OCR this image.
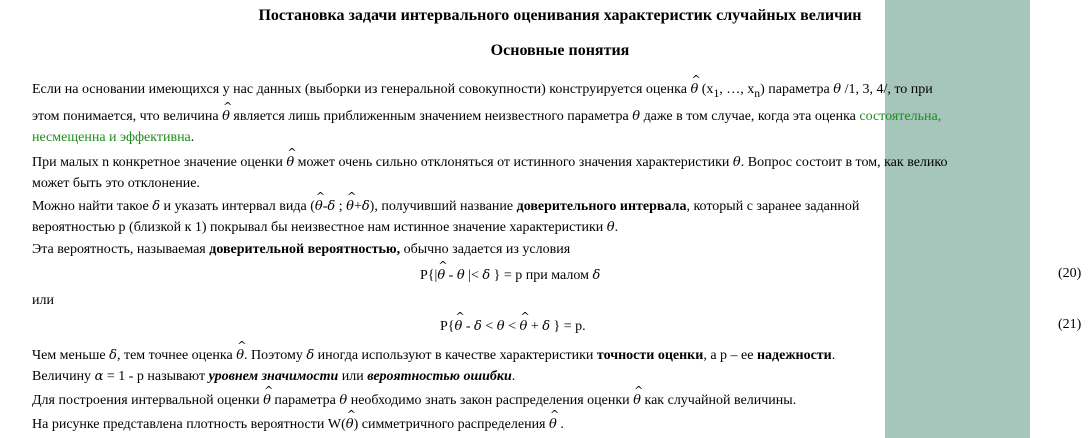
Постановка задачи интервального оценивания характеристик случайных величин
Основные понятия
Если на основании имеющихся у нас данных (выборки из генеральной совокупности) конструируется оценка ^ θ ($x_1$, …, $x_n$) параметра θ /1, 3, 4/, то при
этом понимается, что величина ^ θ является лишь приближенным значением неизвестного параметра θ даже в том случае, когда эта оценка состоятельна,
несмещенна и эффективна.
При малых n конкретное значение оценки ^ θ может очень сильно отклоняться от истинного значения характеристики θ. Вопрос состоит в том, как велико
может быть это отклонение.
Можно найти такое δ и указать интервал вида (^ θ-δ ; ^ θ+δ), получивший название доверительного интервала, который с заранее заданной
вероятностью р (близкой к 1) покрывал бы неизвестное нам истинное значение характеристики θ.
Эта вероятность, называемая доверительной вероятностью, обычно задается из условия
P{|^ θ - θ |< δ } = р при малом δ	(20)
или
P{^ θ - δ < θ < ^ θ + δ } = р.	(21)
Чем меньше δ, тем точнее оценка ^ θ. Поэтому δ иногда используют в качестве характеристики точности оценки, а р – ее надежности.
Величину α = 1 - р называют уровнем значимости или вероятностью ошибки.
Для построения интервальной оценки ^ θ параметра θ необходимо знать закон распределения оценки ^ θ как случайной величины.
На рисунке представлена плотность вероятности W(^ θ) симметричного распределения ^ θ .
